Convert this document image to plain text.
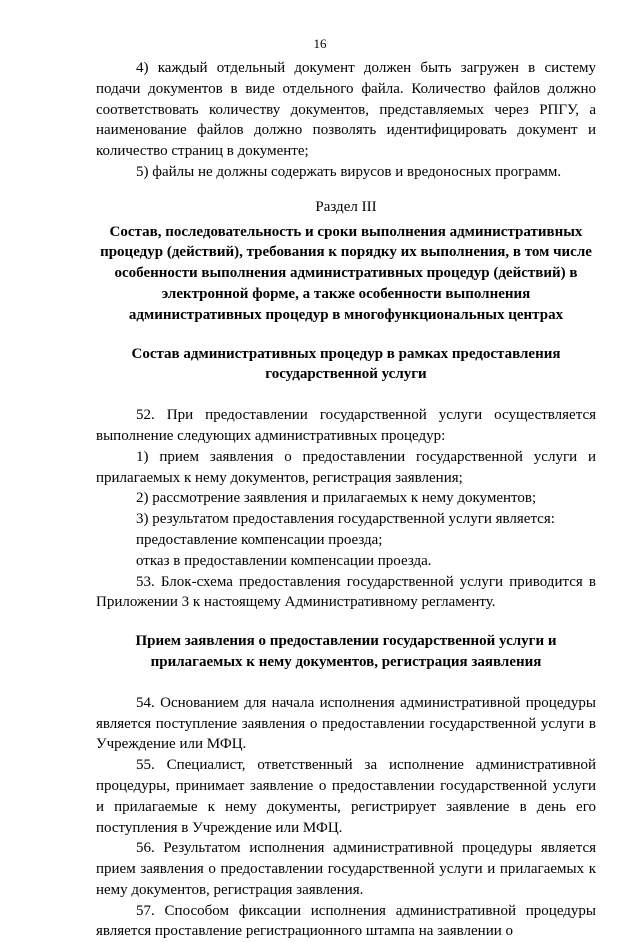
16

4) каждый отдельный документ должен быть загружен в систему подачи документов в виде отдельного файла. Количество файлов должно соответствовать количеству документов, представляемых через РПГУ, а наименование файлов должно позволять идентифицировать документ и количество страниц в документе;

5) файлы не должны содержать вирусов и вредоносных программ.

Раздел III

Состав, последовательность и сроки выполнения административных процедур (действий), требования к порядку их выполнения, в том числе особенности выполнения административных процедур (действий) в электронной форме, а также особенности выполнения административных процедур в многофункциональных центрах

Состав административных процедур в рамках предоставления государственной услуги

52. При предоставлении государственной услуги осуществляется выполнение следующих административных процедур:

1) прием заявления о предоставлении государственной услуги и прилагаемых к нему документов, регистрация заявления;

2) рассмотрение заявления и прилагаемых к нему документов;

3) результатом предоставления государственной услуги является:

предоставление компенсации проезда;

отказ в предоставлении компенсации проезда.

53. Блок-схема предоставления государственной услуги приводится в Приложении 3 к настоящему Административному регламенту.

Прием заявления о предоставлении государственной услуги и прилагаемых к нему документов, регистрация заявления

54. Основанием для начала исполнения административной процедуры является поступление заявления о предоставлении государственной услуги в Учреждение или МФЦ.

55. Специалист, ответственный за исполнение административной процедуры, принимает заявление о предоставлении государственной услуги и прилагаемые к нему документы, регистрирует заявление в день его поступления в Учреждение или МФЦ.

56. Результатом исполнения административной процедуры является прием заявления о предоставлении государственной услуги и прилагаемых к нему документов, регистрация заявления.

57. Способом фиксации исполнения административной процедуры является проставление регистрационного штампа на заявлении о
